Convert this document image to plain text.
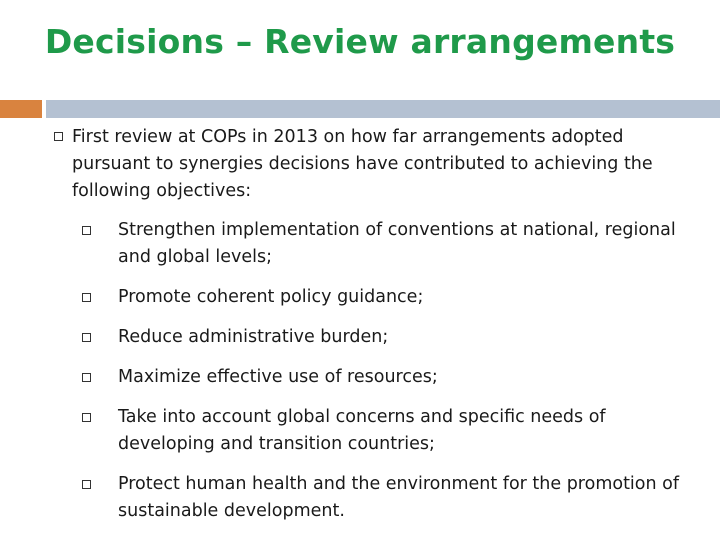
Decisions – Review arrangements

First review at COPs in 2013 on how far arrangements adopted pursuant to synergies decisions have contributed to achieving the following objectives:

Strengthen implementation of conventions at national, regional and global levels;
Promote coherent policy guidance;
Reduce administrative burden;
Maximize effective use of resources;
Take into account global concerns and specific needs of developing and transition countries;
Protect human health and the environment for the promotion of sustainable development.
